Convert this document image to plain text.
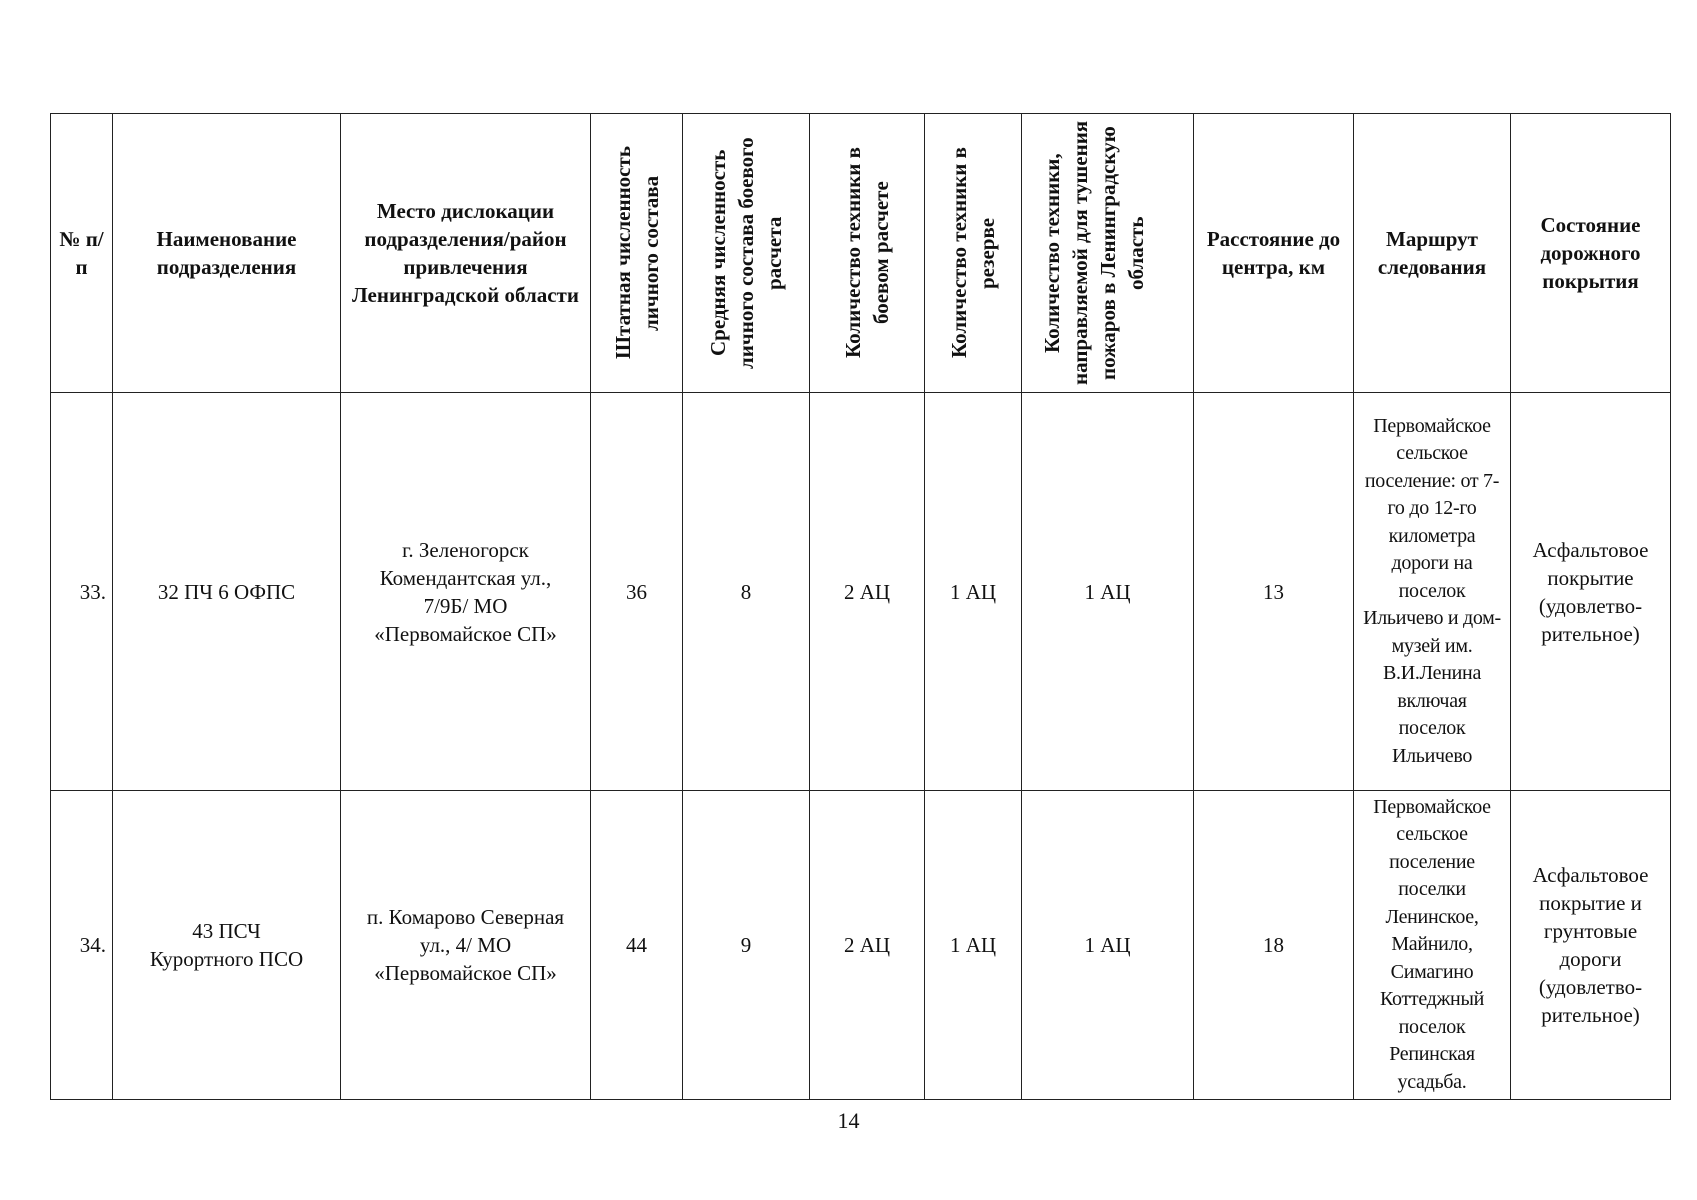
№ п/п	Наименование подразделения	Место дислокации подразделения/район привлечения Ленинградской области	Штатная численность личного состава	Средняя численность личного состава боевого расчета	Количество техники в боевом расчете	Количество техники в резерве	Количество техники, направляемой для тушения пожаров в Ленинградскую область	Расстояние до центра, км	Маршрут следования	Состояние дорожного покрытия

33.	32 ПЧ 6 ОФПС	г. Зеленогорск Комендантская ул., 7/9Б/ МО «Первомайское СП»	36	8	2 АЦ	1 АЦ	1 АЦ	13	Первомайское сельское поселение: от 7-го до 12-го километра дороги на поселок Ильичево и дом-музей им. В.И.Ленина включая поселок Ильичево	Асфальтовое покрытие (удовлетво-рительное)

34.	43 ПСЧ Курортного ПСО	п. Комарово Северная ул., 4/ МО «Первомайское СП»	44	9	2 АЦ	1 АЦ	1 АЦ	18	Первомайское сельское поселение поселки Ленинское, Майнило, Симагино Коттеджный поселок Репинская усадьба.	Асфальтовое покрытие и грунтовые дороги (удовлетво-рительное)
14
